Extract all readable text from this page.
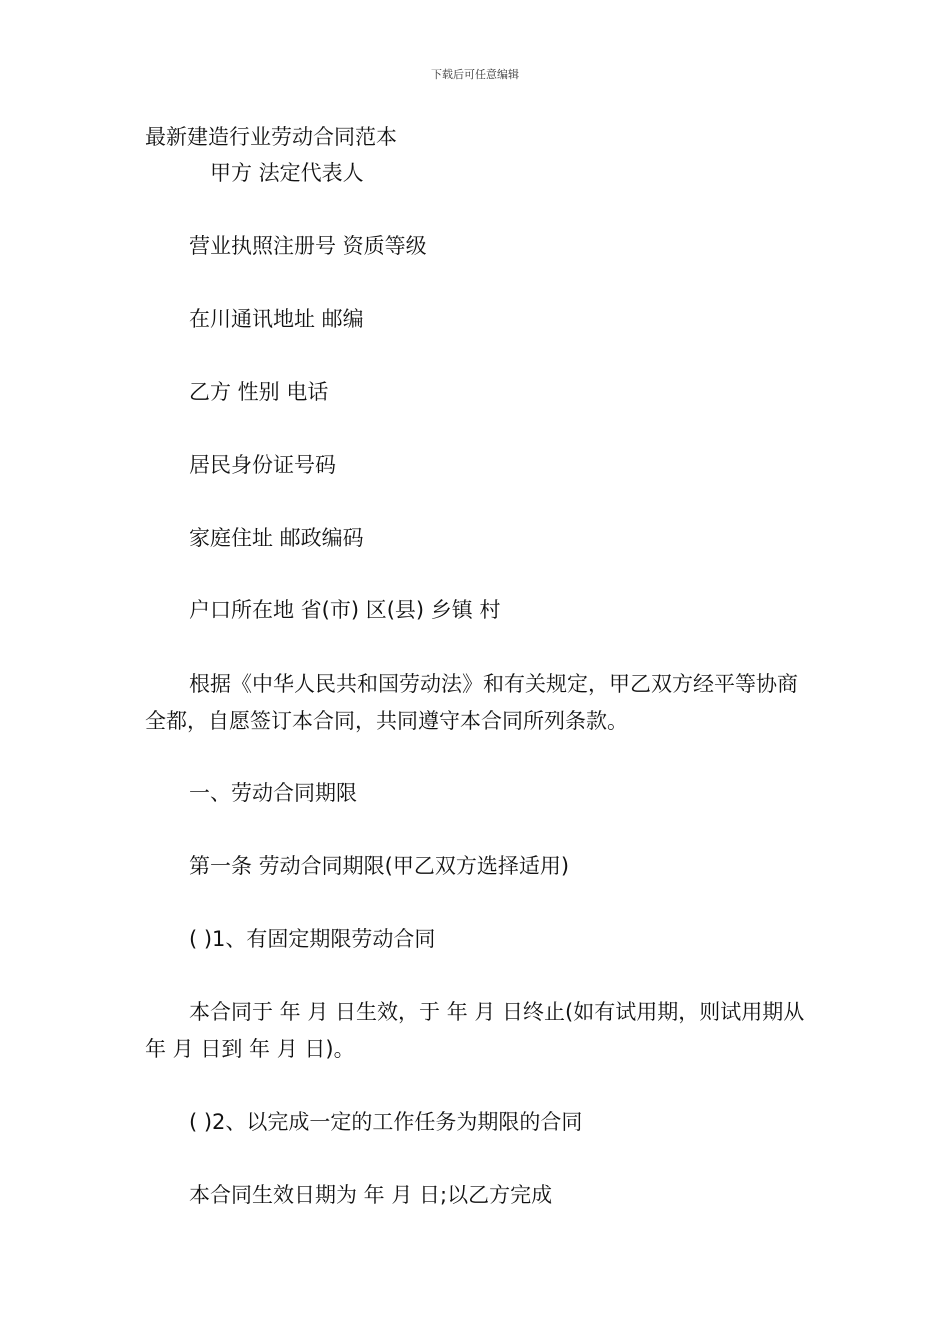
下载后可任意编辑
最新建造行业劳动合同范本
甲方 法定代表人
营业执照注册号 资质等级
在川通讯地址 邮编
乙方 性别 电话
居民身份证号码
家庭住址 邮政编码
户口所在地 省(市) 区(县) 乡镇 村
根据《中华人民共和国劳动法》和有关规定，甲乙双方经平等协商全都，自愿签订本合同，共同遵守本合同所列条款。
一、劳动合同期限
第一条 劳动合同期限(甲乙双方选择适用)
( )1、有固定期限劳动合同
本合同于 年 月 日生效，于 年 月 日终止(如有试用期，则试用期从 年 月 日到 年 月 日)。
( )2、以完成一定的工作任务为期限的合同
本合同生效日期为 年 月 日;以乙方完成
